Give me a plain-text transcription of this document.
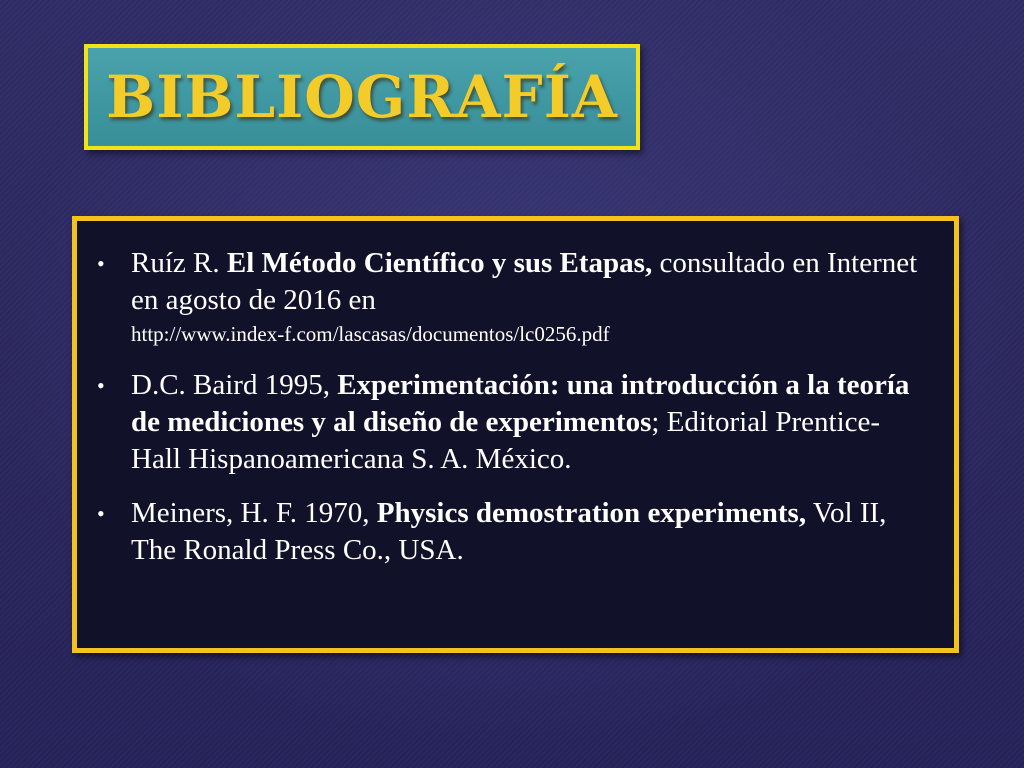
BIBLIOGRAFÍA
• Ruíz R. El Método Científico y sus Etapas, consultado en Internet en agosto de 2016 en
http://www.index-f.com/lascasas/documentos/lc0256.pdf
• D.C. Baird 1995, Experimentación: una introducción a la teoría de mediciones y al diseño de experimentos; Editorial Prentice-Hall Hispanoamericana S. A. México.
• Meiners, H. F. 1970, Physics demostration experiments, Vol II, The Ronald Press Co., USA.
